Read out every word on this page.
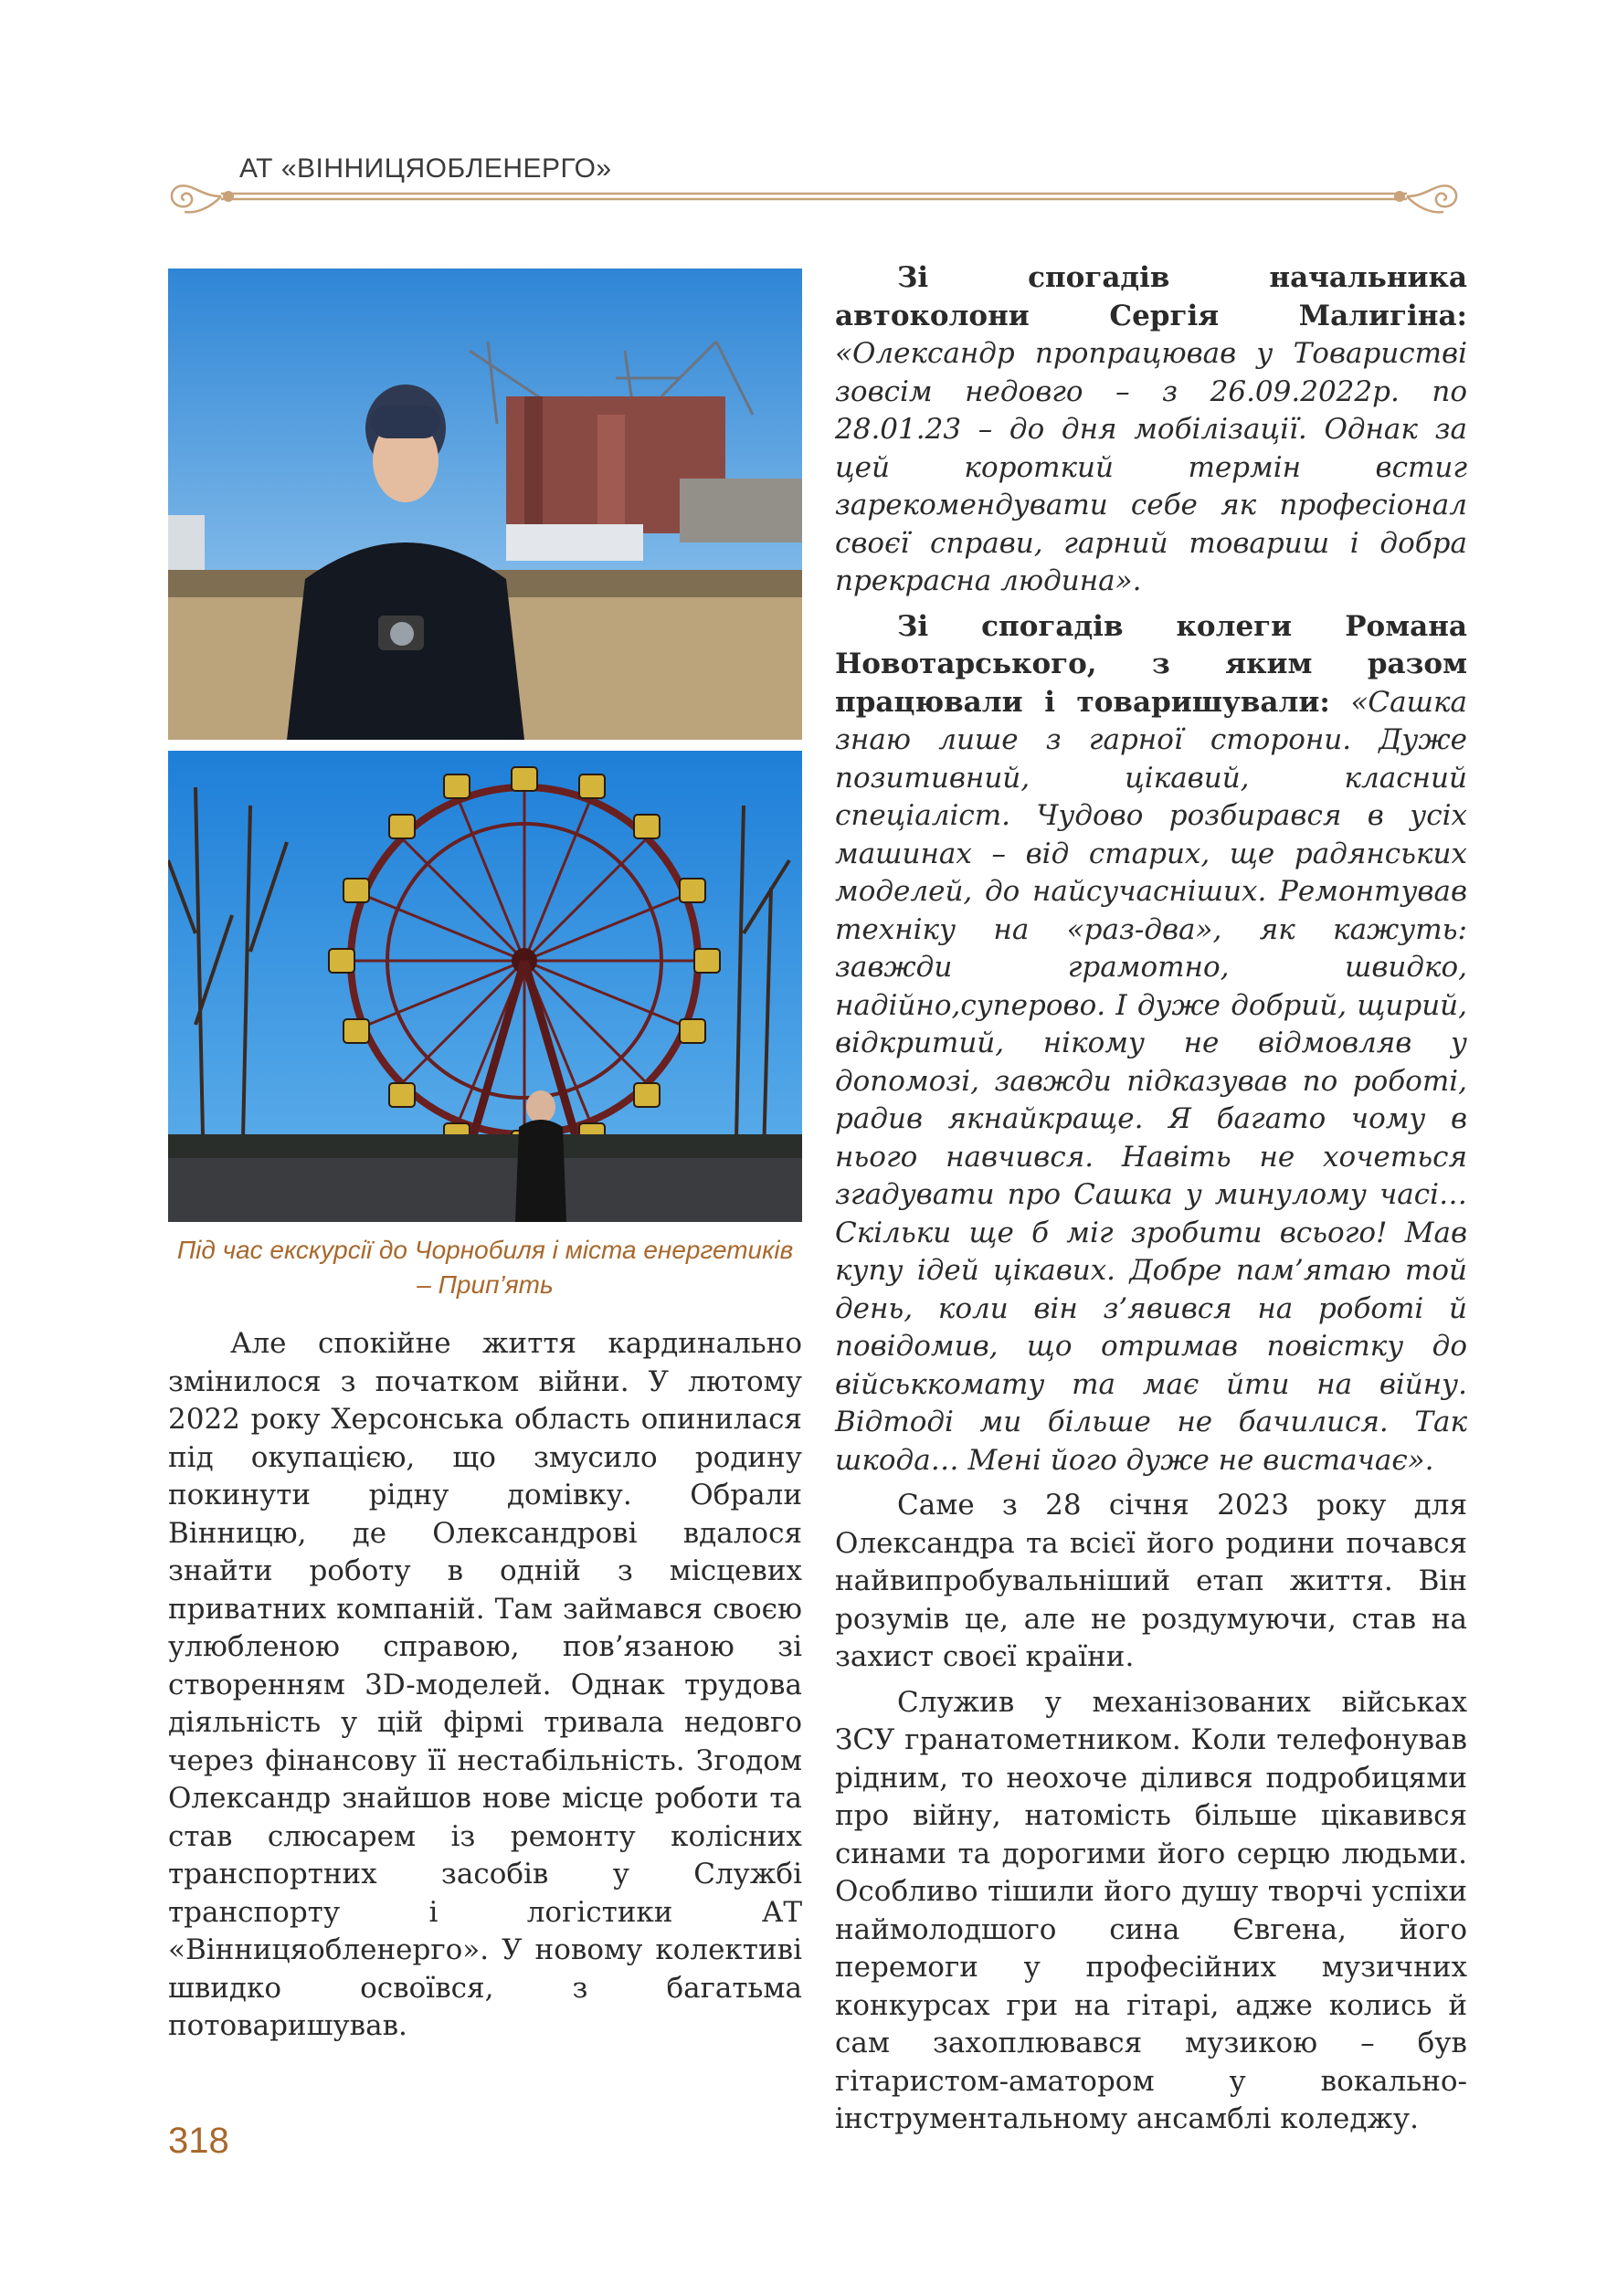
АТ «ВІННИЦЯОБЛЕНЕРГО»
Під час екскурсії до Чорнобиля і міста енергетиків – Прип’ять

Але спокійне життя кардинально змінилося з початком війни. У лютому 2022 року Херсонська область опинилася під окупацією, що змусило родину покинути рідну домівку. Обрали Вінницю, де Олександрові вдалося знайти роботу в одній з місцевих приватних компаній. Там займався своєю улюбленою справою, пов’язаною зі створенням 3D-моделей. Однак трудова діяльність у цій фірмі тривала недовго через фінансову її нестабільність. Згодом Олександр знайшов нове місце роботи та став слюсарем із ремонту колісних транспортних засобів у Службі транспорту і логістики АТ «Вінницяобленерго». У новому колективі швидко освоївся, з багатьма потоваришував.

Зі спогадів начальника автоколони Сергія Малигіна: «Олександр пропрацював у Товаристві зовсім недовго – з 26.09.2022р. по 28.01.23 – до дня мобілізації. Однак за цей короткий термін встиг зарекомендувати себе як професіонал своєї справи, гарний товариш і добра прекрасна людина».

Зі спогадів колеги Романа Новотарського, з яким разом працювали і товаришували: «Сашка знаю лише з гарної сторони. Дуже позитивний, цікавий, класний спеціаліст. Чудово розбирався в усіх машинах – від старих, ще радянських моделей, до найсучасніших. Ремонтував техніку на «раз-два», як кажуть: завжди грамотно, швидко, надійно,суперово. І дуже добрий, щирий, відкритий, нікому не відмовляв у допомозі, завжди підказував по роботі, радив якнайкраще. Я багато чому в нього навчився. Навіть не хочеться згадувати про Сашка у минулому часі…Скільки ще б міг зробити всього! Мав купу ідей цікавих. Добре пам’ятаю той день, коли він з’явився на роботі й повідомив, що отримав повістку до військкомату та має йти на війну. Відтоді ми більше не бачилися. Так шкода… Мені його дуже не вистачає».

Саме з 28 січня 2023 року для Олександра та всієї його родини почався найвипробувальніший етап життя. Він розумів це, але не роздумуючи, став на захист своєї країни.

Служив у механізованих військах ЗСУ гранатометником. Коли телефонував рідним, то неохоче ділився подробицями про війну, натомість більше цікавився синами та дорогими його серцю людьми. Особливо тішили його душу творчі успіхи наймолодшого сина Євгена, його перемоги у професійних музичних конкурсах гри на гітарі, адже колись й сам захоплювався музикою – був гітаристом-аматором у вокально-інструментальному ансамблі коледжу.

318
